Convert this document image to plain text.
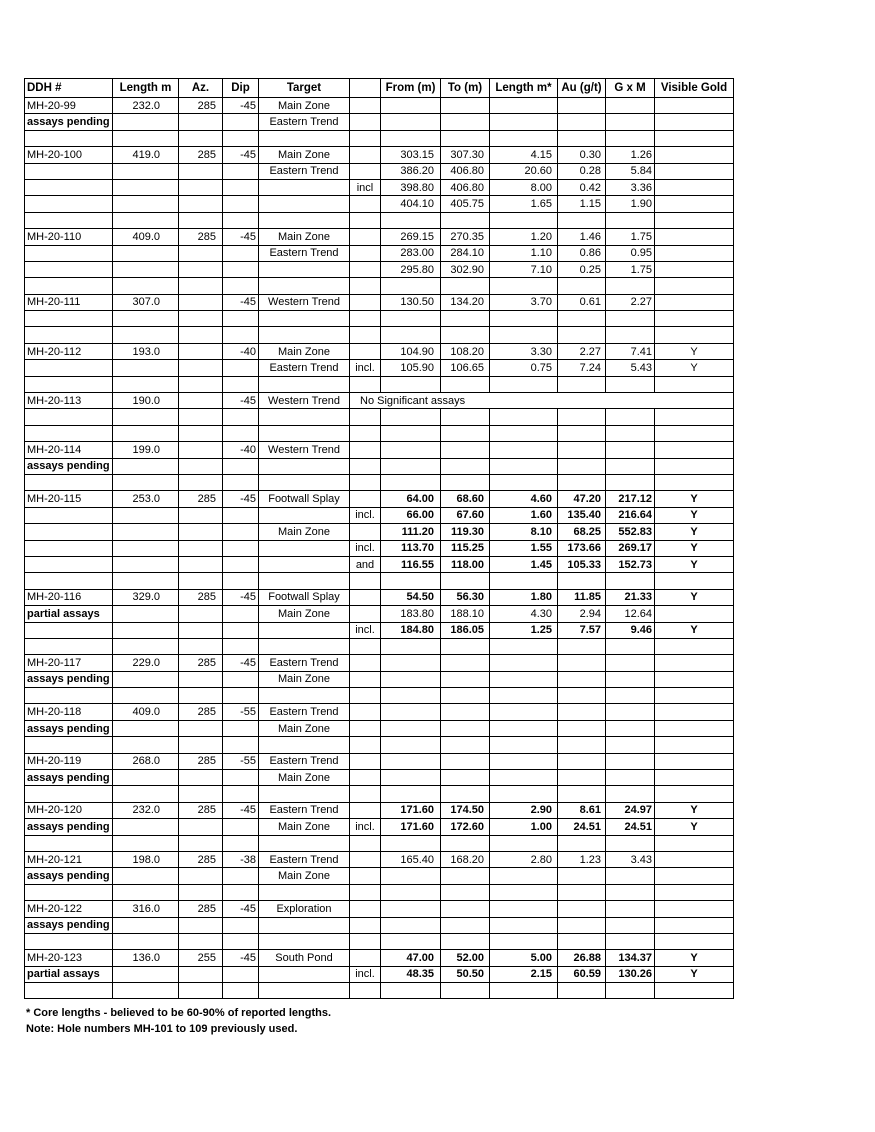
DDH #	Length m	Az.	Dip	Target		From (m)	To (m)	Length m*	Au (g/t)	G x M	Visible Gold
MH-20-99	232.0	285	-45	Main Zone							
assays pending				Eastern Trend							

MH-20-100	419.0	285	-45	Main Zone		303.15	307.30	4.15	0.30	1.26	
				Eastern Trend		386.20	406.80	20.60	0.28	5.84	
					incl	398.80	406.80	8.00	0.42	3.36	
						404.10	405.75	1.65	1.15	1.90	

MH-20-110	409.0	285	-45	Main Zone		269.15	270.35	1.20	1.46	1.75	
				Eastern Trend		283.00	284.10	1.10	0.86	0.95	
						295.80	302.90	7.10	0.25	1.75	

MH-20-111	307.0		-45	Western Trend		130.50	134.20	3.70	0.61	2.27	

MH-20-112	193.0		-40	Main Zone		104.90	108.20	3.30	2.27	7.41	Y
				Eastern Trend	incl.	105.90	106.65	0.75	7.24	5.43	Y

MH-20-113	190.0		-45	Western Trend	No Significant assays						

MH-20-114	199.0		-40	Western Trend							
assays pending											

MH-20-115	253.0	285	-45	Footwall Splay		64.00	68.60	4.60	47.20	217.12	Y
					incl.	66.00	67.60	1.60	135.40	216.64	Y
				Main Zone		111.20	119.30	8.10	68.25	552.83	Y
					incl.	113.70	115.25	1.55	173.66	269.17	Y
					and	116.55	118.00	1.45	105.33	152.73	Y

MH-20-116	329.0	285	-45	Footwall Splay		54.50	56.30	1.80	11.85	21.33	Y
partial assays				Main Zone		183.80	188.10	4.30	2.94	12.64	
					incl.	184.80	186.05	1.25	7.57	9.46	Y

MH-20-117	229.0	285	-45	Eastern Trend							
assays pending				Main Zone							

MH-20-118	409.0	285	-55	Eastern Trend							
assays pending				Main Zone							

MH-20-119	268.0	285	-55	Eastern Trend							
assays pending				Main Zone							

MH-20-120	232.0	285	-45	Eastern Trend		171.60	174.50	2.90	8.61	24.97	Y
assays pending				Main Zone	incl.	171.60	172.60	1.00	24.51	24.51	Y

MH-20-121	198.0	285	-38	Eastern Trend		165.40	168.20	2.80	1.23	3.43	
assays pending				Main Zone							

MH-20-122	316.0	285	-45	Exploration							
assays pending											

MH-20-123	136.0	255	-45	South Pond		47.00	52.00	5.00	26.88	134.37	Y
partial assays					incl.	48.35	50.50	2.15	60.59	130.26	Y

* Core lengths - believed to be 60-90% of reported lengths.
Note: Hole numbers MH-101 to 109 previously used.
